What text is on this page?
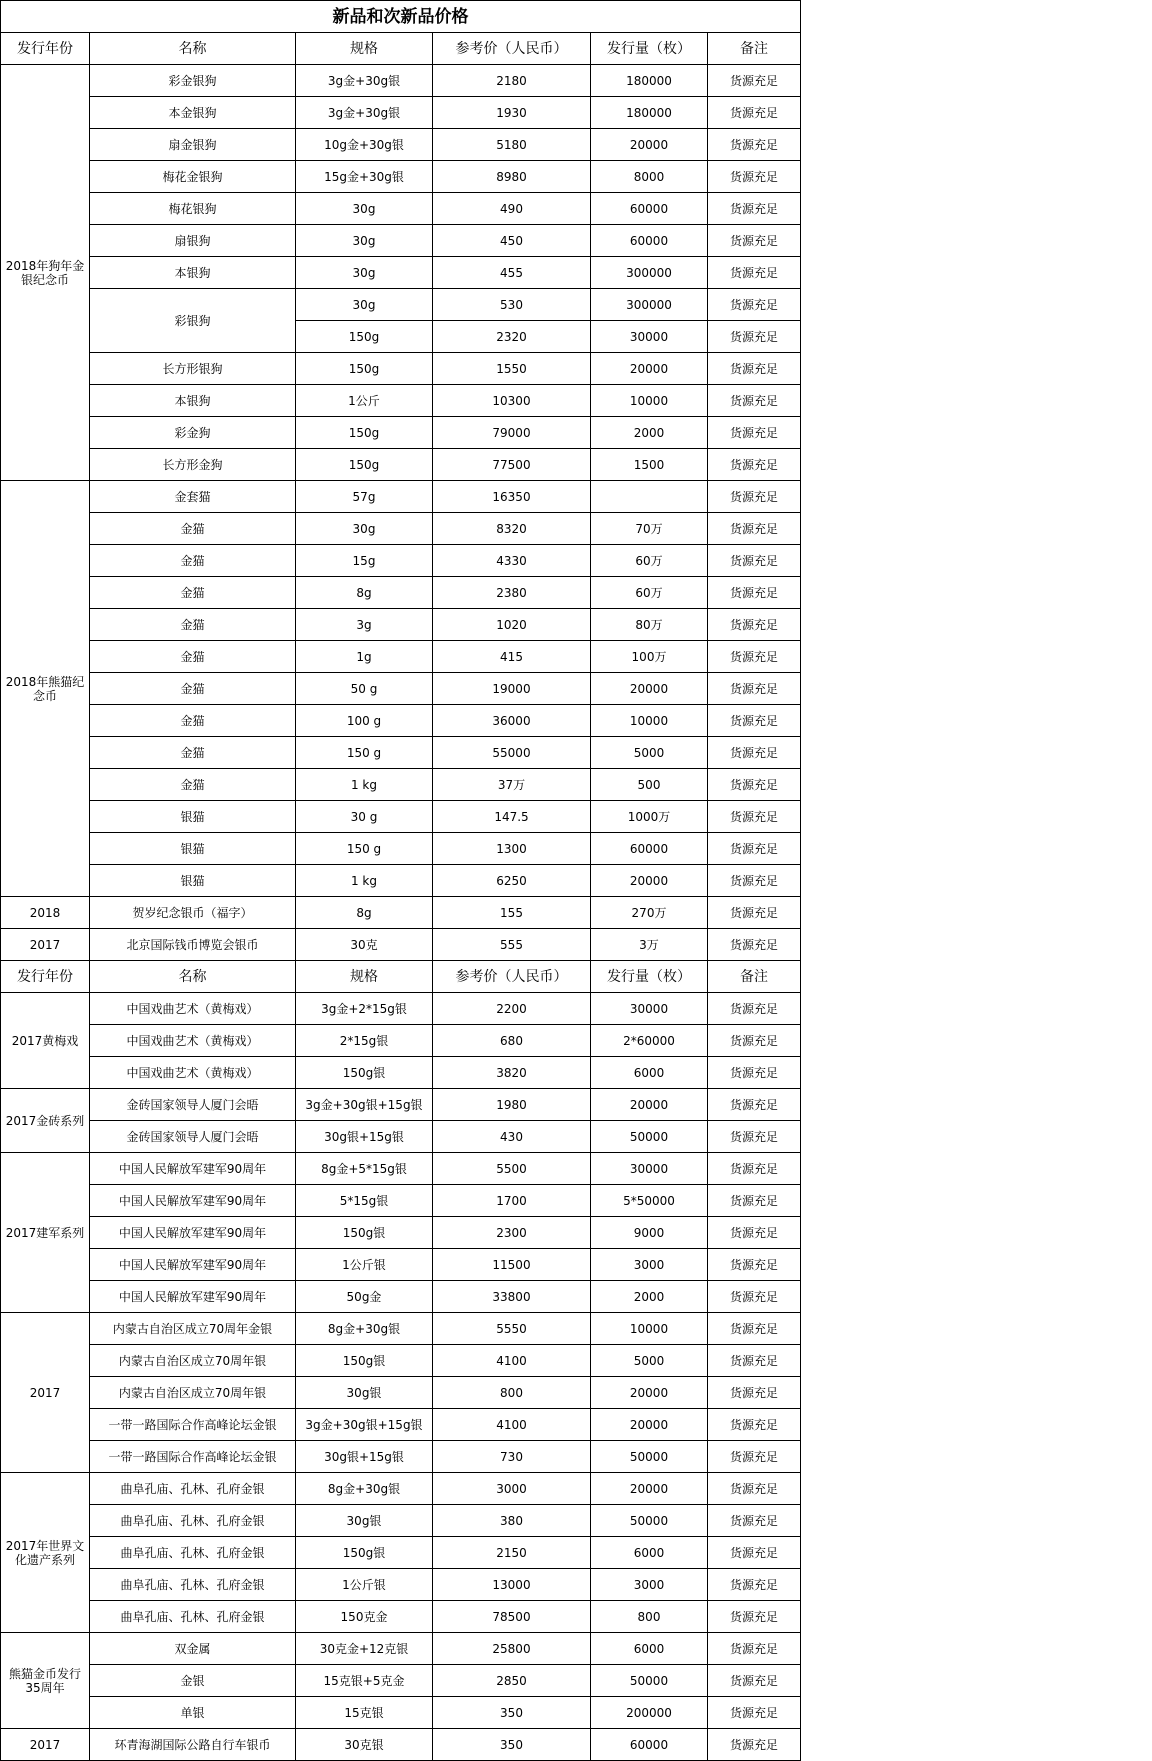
新品和次新品价格					
发行年份	名称	规格	参考价（人民币）	发行量（枚）	备注
2018年狗年金银纪念币	彩金银狗	3g金+30g银	2180	180000	货源充足
	本金银狗	3g金+30g银	1930	180000	货源充足
	扇金银狗	10g金+30g银	5180	20000	货源充足
	梅花金银狗	15g金+30g银	8980	8000	货源充足
	梅花银狗	30g	490	60000	货源充足
	扇银狗	30g	450	60000	货源充足
	本银狗	30g	455	300000	货源充足
	彩银狗	30g	530	300000	货源充足
		150g	2320	30000	货源充足
	长方形银狗	150g	1550	20000	货源充足
	本银狗	1公斤	10300	10000	货源充足
	彩金狗	150g	79000	2000	货源充足
	长方形金狗	150g	77500	1500	货源充足
2018年熊猫纪念币	金套猫	57g	16350		货源充足
	金猫	30g	8320	70万	货源充足
	金猫	15g	4330	60万	货源充足
	金猫	8g	2380	60万	货源充足
	金猫	3g	1020	80万	货源充足
	金猫	1g	415	100万	货源充足
	金猫	50 g	19000	20000	货源充足
	金猫	100 g	36000	10000	货源充足
	金猫	150 g	55000	5000	货源充足
	金猫	1 kg	37万	500	货源充足
	银猫	30 g	147.5	1000万	货源充足
	银猫	150 g	1300	60000	货源充足
	银猫	1 kg	6250	20000	货源充足
2018	贺岁纪念银币（福字）	8g	155	270万	货源充足
2017	北京国际钱币博览会银币	30克	555	3万	货源充足
发行年份	名称	规格	参考价（人民币）	发行量（枚）	备注
2017黄梅戏	中国戏曲艺术（黄梅戏）	3g金+2*15g银	2200	30000	货源充足
	中国戏曲艺术（黄梅戏）	2*15g银	680	2*60000	货源充足
	中国戏曲艺术（黄梅戏）	150g银	3820	6000	货源充足
2017金砖系列	金砖国家领导人厦门会晤	3g金+30g银+15g银	1980	20000	货源充足
	金砖国家领导人厦门会晤	30g银+15g银	430	50000	货源充足
2017建军系列	中国人民解放军建军90周年	8g金+5*15g银	5500	30000	货源充足
	中国人民解放军建军90周年	5*15g银	1700	5*50000	货源充足
	中国人民解放军建军90周年	150g银	2300	9000	货源充足
	中国人民解放军建军90周年	1公斤银	11500	3000	货源充足
	中国人民解放军建军90周年	50g金	33800	2000	货源充足
2017	内蒙古自治区成立70周年金银	8g金+30g银	5550	10000	货源充足
	内蒙古自治区成立70周年银	150g银	4100	5000	货源充足
	内蒙古自治区成立70周年银	30g银	800	20000	货源充足
	一带一路国际合作高峰论坛金银	3g金+30g银+15g银	4100	20000	货源充足
	一带一路国际合作高峰论坛金银	30g银+15g银	730	50000	货源充足
2017年世界文化遗产系列	曲阜孔庙、孔林、孔府金银	8g金+30g银	3000	20000	货源充足
	曲阜孔庙、孔林、孔府金银	30g银	380	50000	货源充足
	曲阜孔庙、孔林、孔府金银	150g银	2150	6000	货源充足
	曲阜孔庙、孔林、孔府金银	1公斤银	13000	3000	货源充足
	曲阜孔庙、孔林、孔府金银	150克金	78500	800	货源充足
熊猫金币发行35周年	双金属	30克金+12克银	25800	6000	货源充足
	金银	15克银+5克金	2850	50000	货源充足
	单银	15克银	350	200000	货源充足
2017	环青海湖国际公路自行车银币	30克银	350	60000	货源充足
